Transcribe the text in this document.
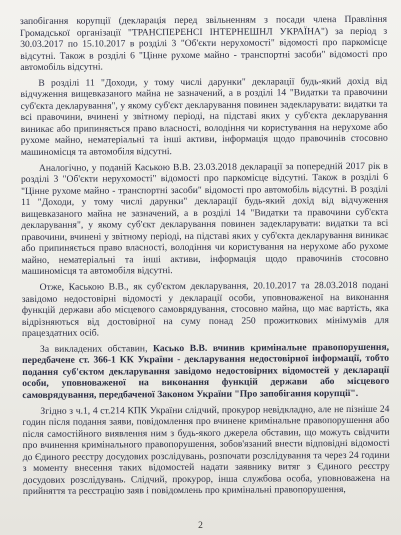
запобігання корупції (декларація перед звільненням з посади члена Правління Громадської організації "ТРАНСПЕРЕНСІ ІНТЕРНЕШНЛ УКРАЇНА") за період з 30.03.2017 по 15.10.2017 в розділі 3 "Об'єкти нерухомості" відомості про паркомісце відсутні. Також в розділі 6 "Цінне рухоме майно - транспортні засоби" відомості про автомобіль відсутні.

В розділі 11 "Доходи, у тому числі дарунки" декларації будь-який дохід від відчуження вищевказаного майна не зазначений, а в розділі 14 "Видатки та правочини суб'єкта декларування", у якому суб'єкт декларування повинен задекларувати: видатки та всі правочини, вчинені у звітному періоді, на підставі яких у суб'єкта декларування виникає або припиняється право власності, володіння чи користування на нерухоме або рухоме майно, нематеріальні та інші активи, інформація щодо правочинів стосовно машиномісця та автомобіля відсутні.

Аналогічно, у поданій Каською В.В. 23.03.2018 декларації за попередній 2017 рік в розділі 3 "Об'єкти нерухомості" відомості про паркомісце відсутні. Також в розділі 6 "Цінне рухоме майно - транспортні засоби" відомості про автомобіль відсутні. В розділі 11 "Доходи, у тому числі дарунки" декларації будь-який дохід від відчуження вищевказаного майна не зазначений, а в розділі 14 "Видатки та правочини суб'єкта декларування", у якому суб'єкт декларування повинен задекларувати: видатки та всі правочини, вчинені у звітному періоді, на підставі яких у суб'єкта декларування виникає або припиняється право власності, володіння чи користування на нерухоме або рухоме майно, нематеріальні та інші активи, інформація щодо правочинів стосовно машиномісця та автомобіля відсутні.

Отже, Каською В.В., як суб'єктом декларування, 20.10.2017 та 28.03.2018 подані завідомо недостовірні відомості у декларації особи, уповноваженої на виконання функцій держави або місцевого самоврядування, стосовно майна, що має вартість, яка відрізняються від достовірної на суму понад 250 прожиткових мінімумів для працездатних осіб.

За викладених обставин, Касько В.В. вчинив кримінальне правопорушення, передбачене ст. 366-1 КК України - декларування недостовірної інформації, тобто подання суб'єктом декларування завідомо недостовірних відомостей у декларації особи, уповноваженої на виконання функцій держави або місцевого самоврядування, передбаченої Законом України "Про запобігання корупції".

Згідно з ч.1, 4 ст.214 КПК України слідчий, прокурор невідкладно, але не пізніше 24 годин після подання заяви, повідомлення про вчинене кримінальне правопорушення або після самостійного виявлення ним з будь-якого джерела обставин, що можуть свідчити про вчинення кримінального правопорушення, зобов'язаний внести відповідні відомості до Єдиного реєстру досудових розслідувань, розпочати розслідування та через 24 години з моменту внесення таких відомостей надати заявнику витяг з Єдиного реєстру досудових розслідувань. Слідчий, прокурор, інша службова особа, уповноважена на прийняття та реєстрацію заяв і повідомлень про кримінальні правопорушення,

2
